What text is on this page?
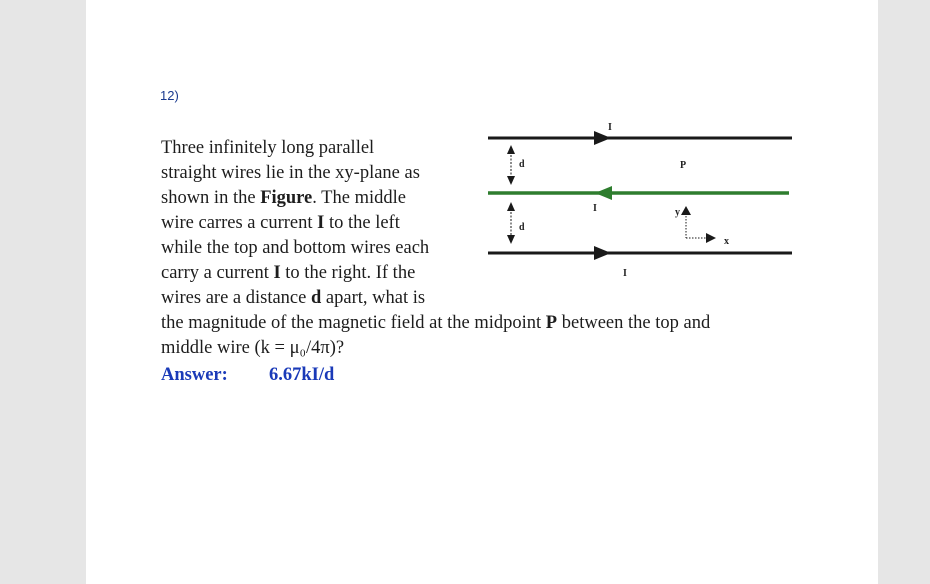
12)
Three infinitely long parallel
straight wires lie in the xy-plane as
shown in the Figure. The middle
wire carres a current I to the left
while the top and bottom wires each
carry a current I to the right. If the
wires are a distance d apart, what is
the magnitude of the magnetic field at the midpoint P between the top and
middle wire (k = μ₀/4π)?
Answer: 6.67kI/d
I
I
I
d
d
P
y
x
